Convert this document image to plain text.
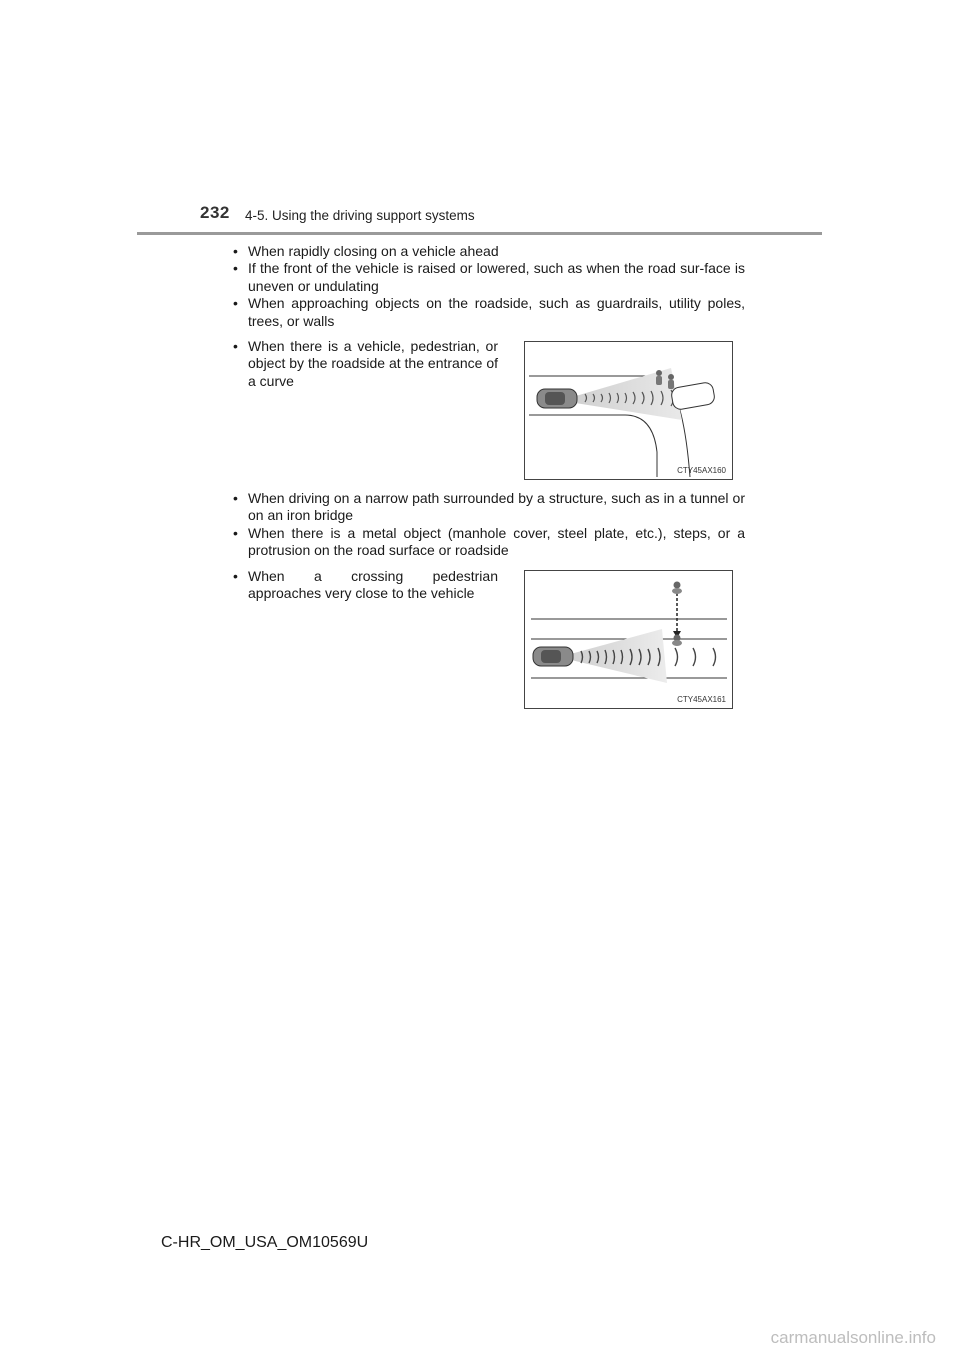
232 4-5. Using the driving support systems
• When rapidly closing on a vehicle ahead
• If the front of the vehicle is raised or lowered, such as when the road sur-face is uneven or undulating
• When approaching objects on the roadside, such as guardrails, utility poles, trees, or walls
• When there is a vehicle, pedestrian, or object by the roadside at the entrance of a curve
CTY45AX160
• When driving on a narrow path surrounded by a structure, such as in a tunnel or on an iron bridge
• When there is a metal object (manhole cover, steel plate, etc.), steps, or a protrusion on the road surface or roadside
• When a crossing pedestrian approaches very close to the vehicle
CTY45AX161
C-HR_OM_USA_OM10569U
carmanualsonline.info
